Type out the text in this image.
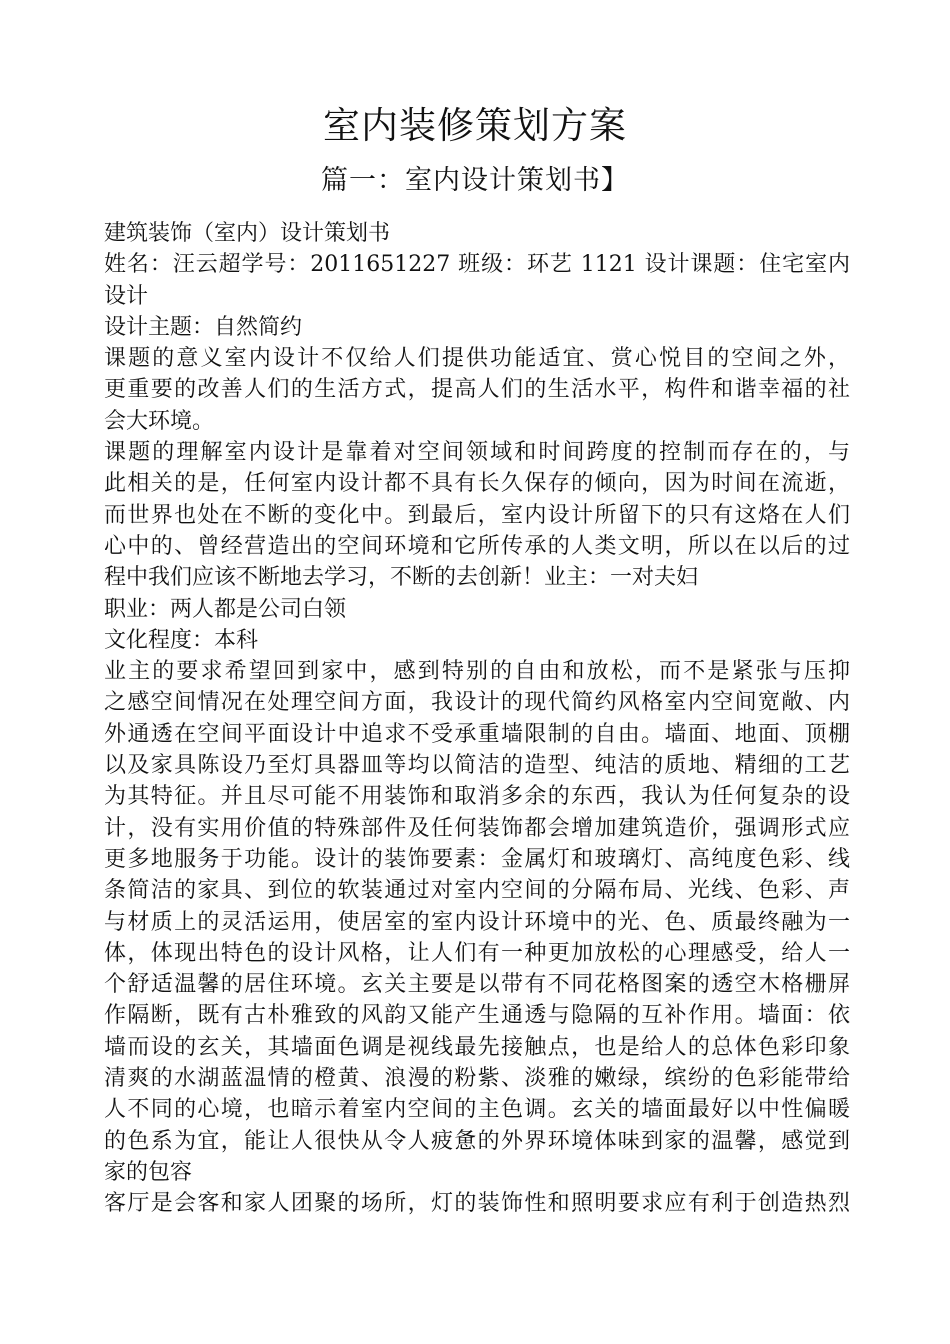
室内装修策划方案
篇一：室内设计策划书】
建筑装饰（室内）设计策划书
姓名：汪云超学号：2011651227 班级：环艺 1121 设计课题：住宅室内
设计
设计主题：自然简约
课题的意义室内设计不仅给人们提供功能适宜、赏心悦目的空间之外，
更重要的改善人们的生活方式，提高人们的生活水平，构件和谐幸福的社
会大环境。
课题的理解室内设计是靠着对空间领域和时间跨度的控制而存在的，与
此相关的是，任何室内设计都不具有长久保存的倾向，因为时间在流逝，
而世界也处在不断的变化中。到最后，室内设计所留下的只有这烙在人们
心中的、曾经营造出的空间环境和它所传承的人类文明，所以在以后的过
程中我们应该不断地去学习，不断的去创新！业主：一对夫妇
职业：两人都是公司白领
文化程度：本科
业主的要求希望回到家中，感到特别的自由和放松，而不是紧张与压抑
之感空间情况在处理空间方面，我设计的现代简约风格室内空间宽敞、内
外通透在空间平面设计中追求不受承重墙限制的自由。墙面、地面、顶棚
以及家具陈设乃至灯具器皿等均以简洁的造型、纯洁的质地、精细的工艺
为其特征。并且尽可能不用装饰和取消多余的东西，我认为任何复杂的设
计，没有实用价值的特殊部件及任何装饰都会增加建筑造价，强调形式应
更多地服务于功能。设计的装饰要素：金属灯和玻璃灯、高纯度色彩、线
条简洁的家具、到位的软装通过对室内空间的分隔布局、光线、色彩、声
与材质上的灵活运用，使居室的室内设计环境中的光、色、质最终融为一
体，体现出特色的设计风格，让人们有一种更加放松的心理感受，给人一
个舒适温馨的居住环境。玄关主要是以带有不同花格图案的透空木格栅屏
作隔断，既有古朴雅致的风韵又能产生通透与隐隔的互补作用。墙面：依
墙而设的玄关，其墙面色调是视线最先接触点，也是给人的总体色彩印象
清爽的水湖蓝温情的橙黄、浪漫的粉紫、淡雅的嫩绿，缤纷的色彩能带给
人不同的心境，也暗示着室内空间的主色调。玄关的墙面最好以中性偏暖
的色系为宜，能让人很快从令人疲惫的外界环境体味到家的温馨，感觉到
家的包容
客厅是会客和家人团聚的场所，灯的装饰性和照明要求应有利于创造热烈
